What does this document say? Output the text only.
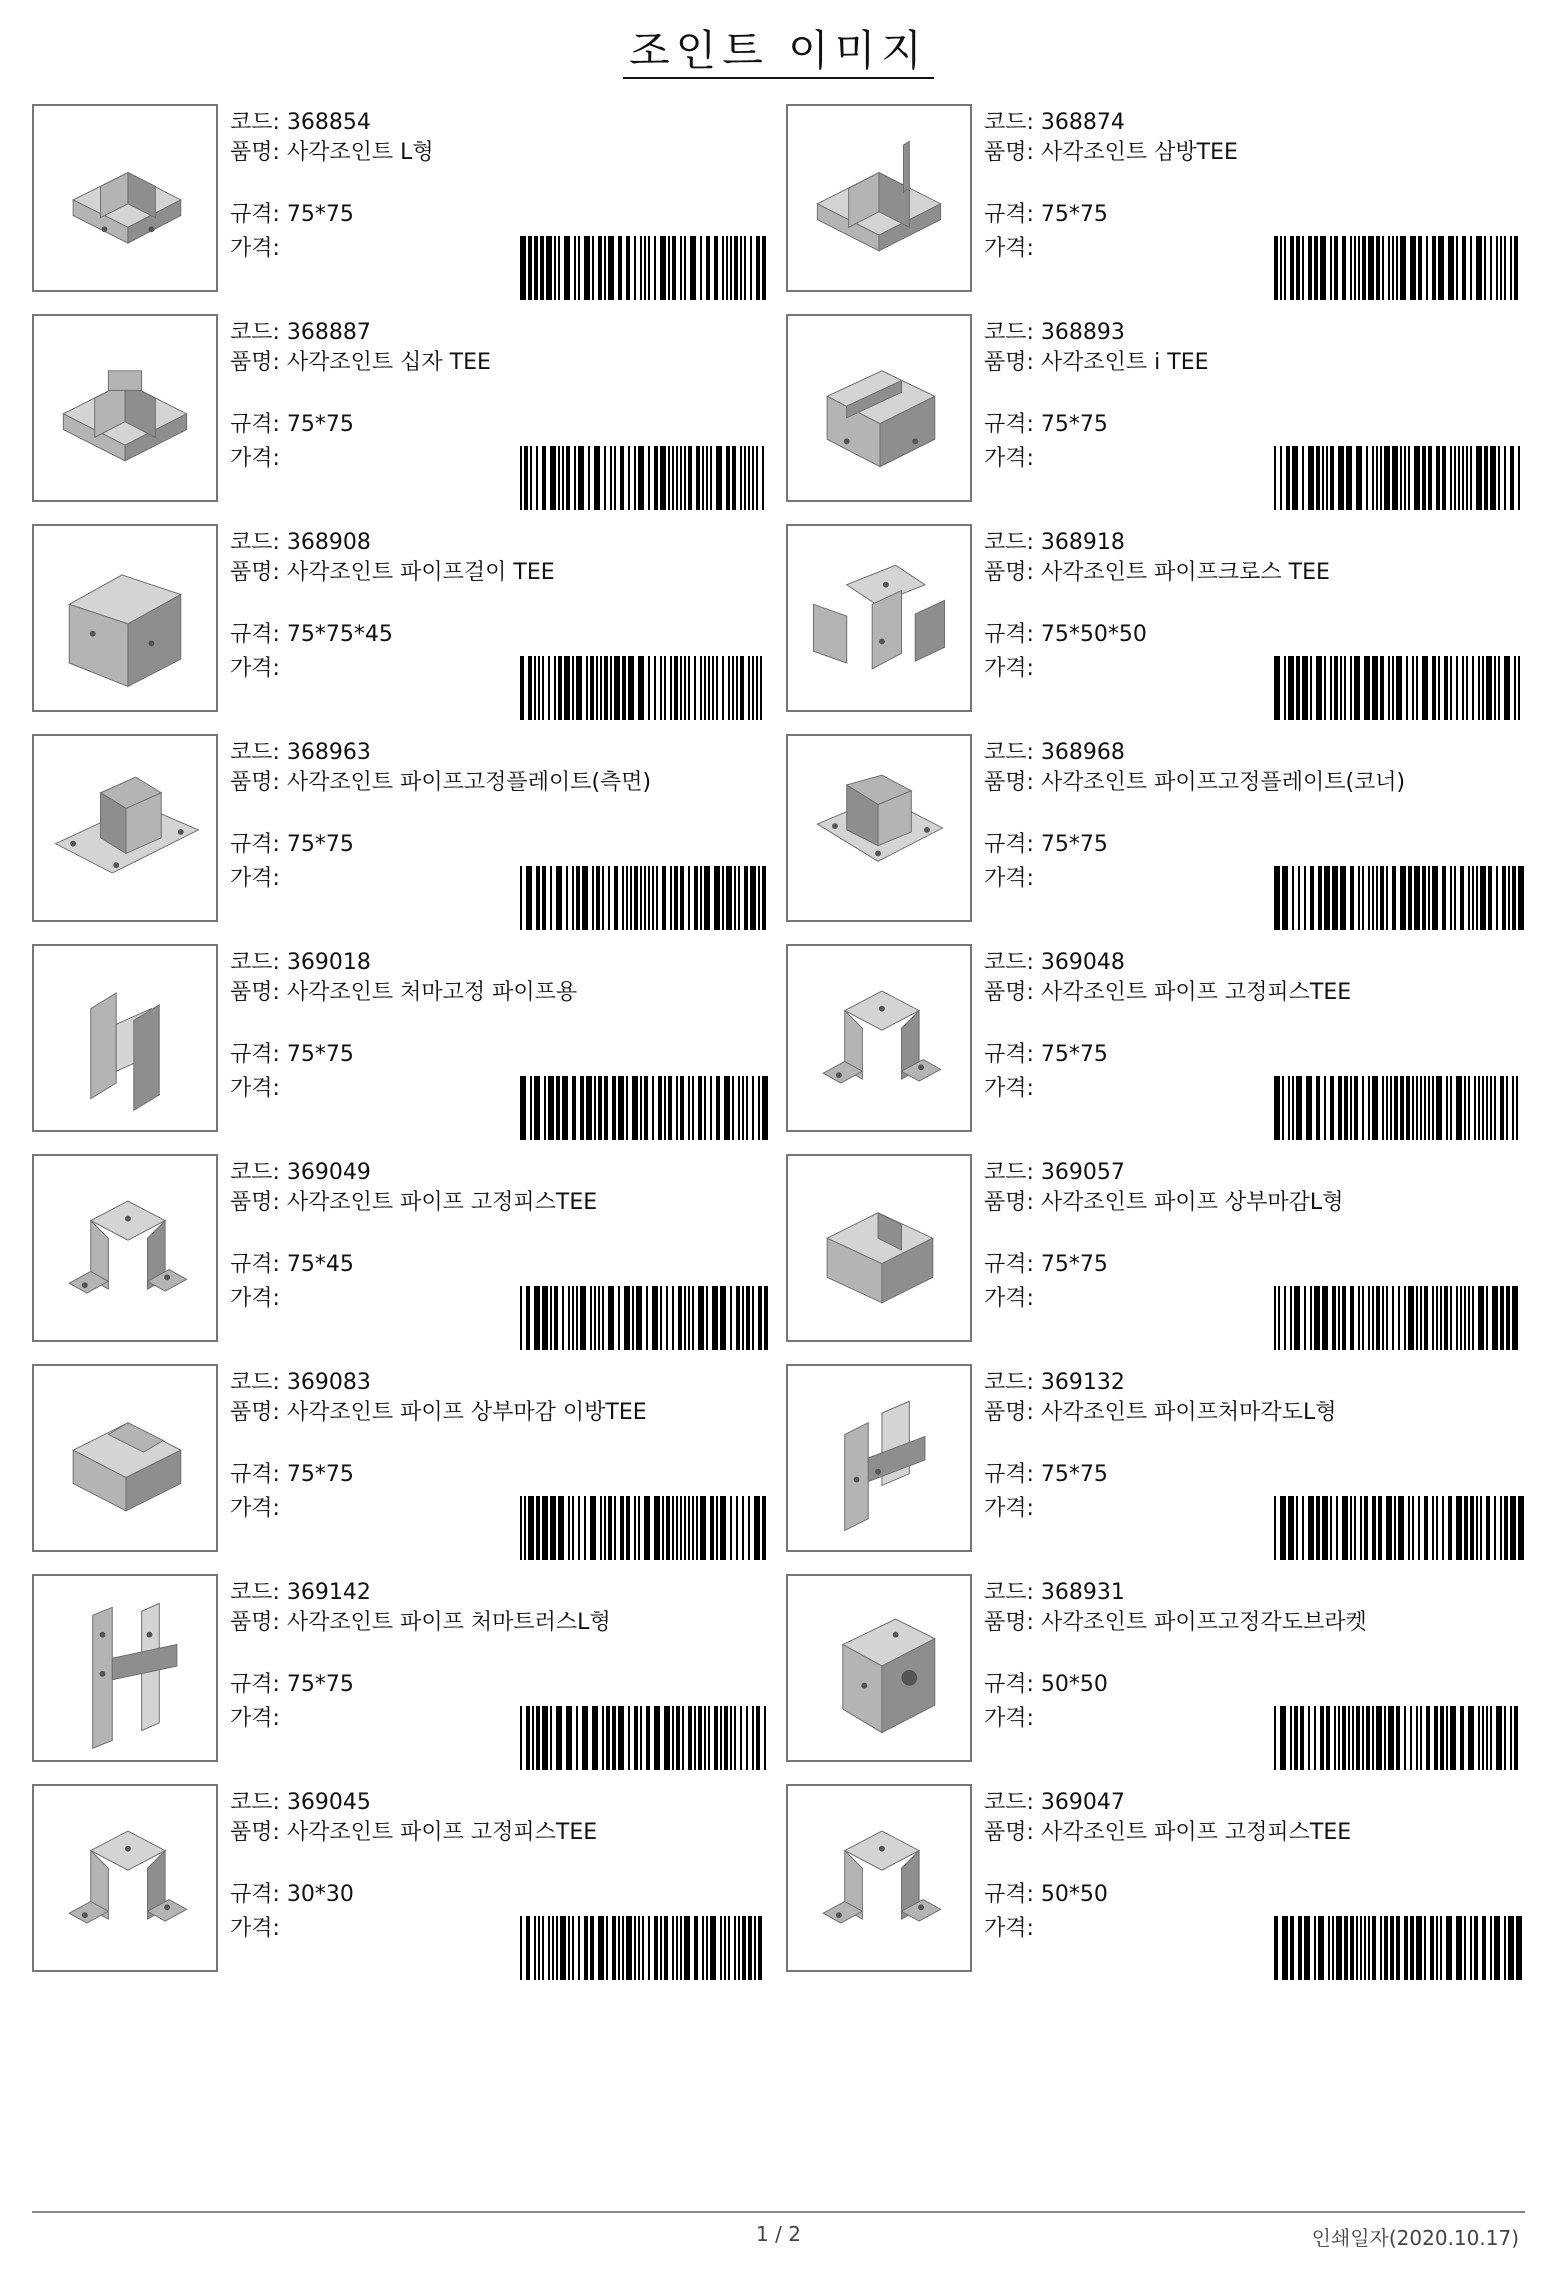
조인트 이미지
코드: 368854
품명: 사각조인트 L형
규격: 75*75
가격:
코드: 368874
품명: 사각조인트 삼방TEE
규격: 75*75
가격:
코드: 368887
품명: 사각조인트 십자 TEE
규격: 75*75
가격:
코드: 368893
품명: 사각조인트 i TEE
규격: 75*75
가격:
코드: 368908
품명: 사각조인트 파이프걸이 TEE
규격: 75*75*45
가격:
코드: 368918
품명: 사각조인트 파이프크로스 TEE
규격: 75*50*50
가격:
코드: 368963
품명: 사각조인트 파이프고정플레이트(측면)
규격: 75*75
가격:
코드: 368968
품명: 사각조인트 파이프고정플레이트(코너)
규격: 75*75
가격:
코드: 369018
품명: 사각조인트 처마고정 파이프용
규격: 75*75
가격:
코드: 369048
품명: 사각조인트 파이프 고정피스TEE
규격: 75*75
가격:
코드: 369049
품명: 사각조인트 파이프 고정피스TEE
규격: 75*45
가격:
코드: 369057
품명: 사각조인트 파이프 상부마감L형
규격: 75*75
가격:
코드: 369083
품명: 사각조인트 파이프 상부마감 이방TEE
규격: 75*75
가격:
코드: 369132
품명: 사각조인트 파이프처마각도L형
규격: 75*75
가격:
코드: 369142
품명: 사각조인트 파이프 처마트러스L형
규격: 75*75
가격:
코드: 368931
품명: 사각조인트 파이프고정각도브라켓
규격: 50*50
가격:
코드: 369045
품명: 사각조인트 파이프 고정피스TEE
규격: 30*30
가격:
코드: 369047
품명: 사각조인트 파이프 고정피스TEE
규격: 50*50
가격:
1 / 2	인쇄일자(2020.10.17)
